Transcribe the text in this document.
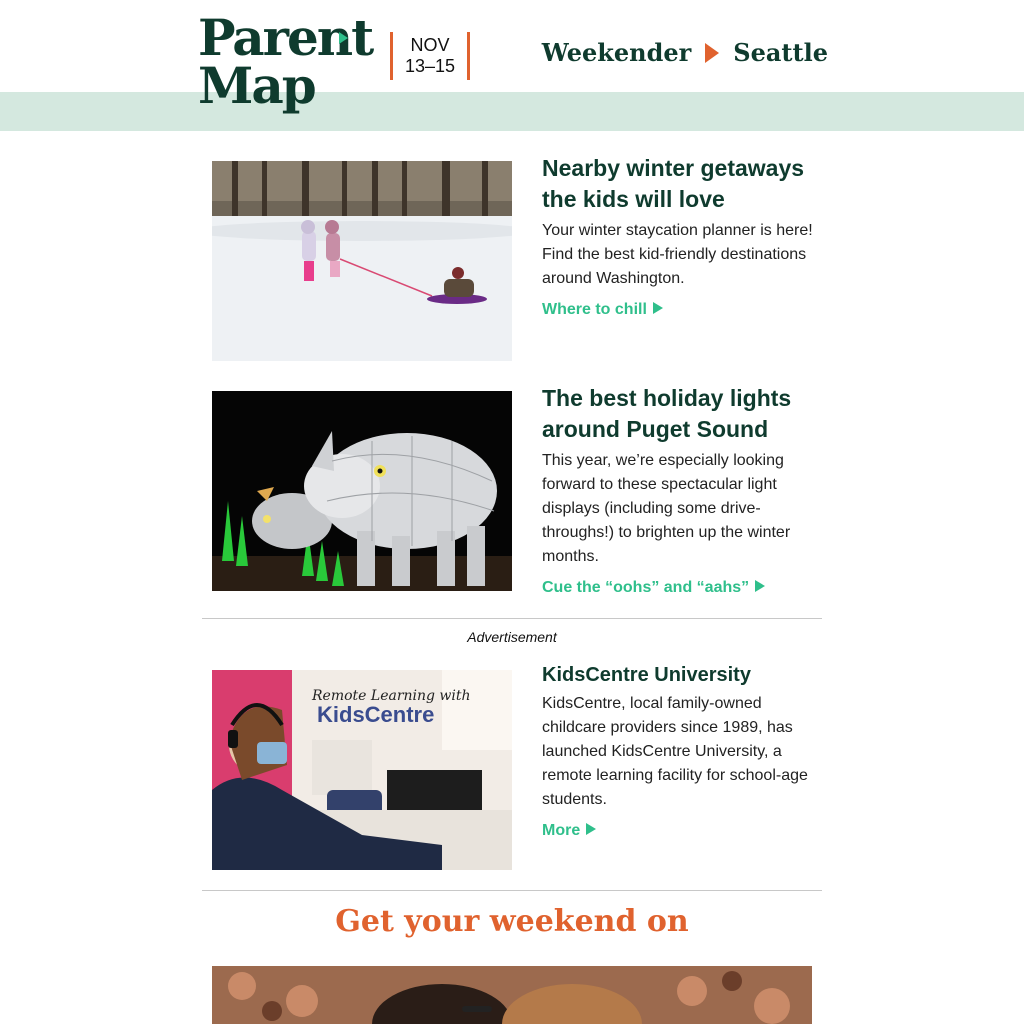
Parent
Map
NOV
13–15	Weekender Seattle
Nearby winter getaways the kids will love
Your winter staycation planner is here! Find the best kid-friendly destinations around Washington.
Where to chill
The best holiday lights around Puget Sound
This year, we’re especially looking forward to these spectacular light displays (including some drive-throughs!) to brighten up the winter months.
Cue the “oohs” and “aahs”
Advertisement
Remote Learning with
KidsCentre
KidsCentre University
KidsCentre, local family-owned childcare providers since 1989, has launched KidsCentre University, a remote learning facility for school-age students.
More
Get your weekend on
